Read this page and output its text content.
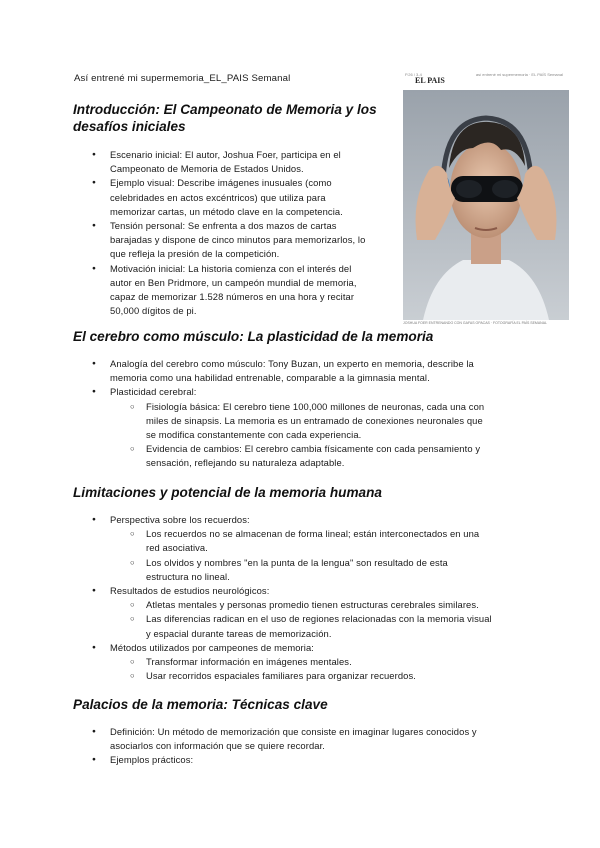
Así entrené mi supermemoria_EL_PAIS Semanal
Introducción: El Campeonato de Memoria y los
desafíos iniciales
● Escenario inicial: El autor, Joshua Foer, participa en el
Campeonato de Memoria de Estados Unidos.
● Ejemplo visual: Describe imágenes inusuales (como
celebridades en actos excéntricos) que utiliza para
memorizar cartas, un método clave en la competencia.
● Tensión personal: Se enfrenta a dos mazos de cartas
barajadas y dispone de cinco minutos para memorizarlos, lo
que refleja la presión de la competición.
● Motivación inicial: La historia comienza con el interés del
autor en Ben Pridmore, un campeón mundial de memoria,
capaz de memorizar 1.528 números en una hora y recitar
50,000 dígitos de pi.
P.26 / 3-4
EL PAIS
así entrené mi supermemoria · EL PAÍS Semanal
JOSHUA FOER ENTRENANDO CON GAFAS OPACAS · FOTOGRAFÍA EL PAÍS SEMANAL
El cerebro como músculo: La plasticidad de la memoria
● Analogía del cerebro como músculo: Tony Buzan, un experto en memoria, describe la
memoria como una habilidad entrenable, comparable a la gimnasia mental.
● Plasticidad cerebral:
○ Fisiología básica: El cerebro tiene 100,000 millones de neuronas, cada una con
miles de sinapsis. La memoria es un entramado de conexiones neuronales que
se modifica constantemente con cada experiencia.
○ Evidencia de cambios: El cerebro cambia físicamente con cada pensamiento y
sensación, reflejando su naturaleza adaptable.
Limitaciones y potencial de la memoria humana
● Perspectiva sobre los recuerdos:
○ Los recuerdos no se almacenan de forma lineal; están interconectados en una
red asociativa.
○ Los olvidos y nombres "en la punta de la lengua" son resultado de esta
estructura no lineal.
● Resultados de estudios neurológicos:
○ Atletas mentales y personas promedio tienen estructuras cerebrales similares.
○ Las diferencias radican en el uso de regiones relacionadas con la memoria visual
y espacial durante tareas de memorización.
● Métodos utilizados por campeones de memoria:
○ Transformar información en imágenes mentales.
○ Usar recorridos espaciales familiares para organizar recuerdos.
Palacios de la memoria: Técnicas clave
● Definición: Un método de memorización que consiste en imaginar lugares conocidos y
asociarlos con información que se quiere recordar.
● Ejemplos prácticos:
